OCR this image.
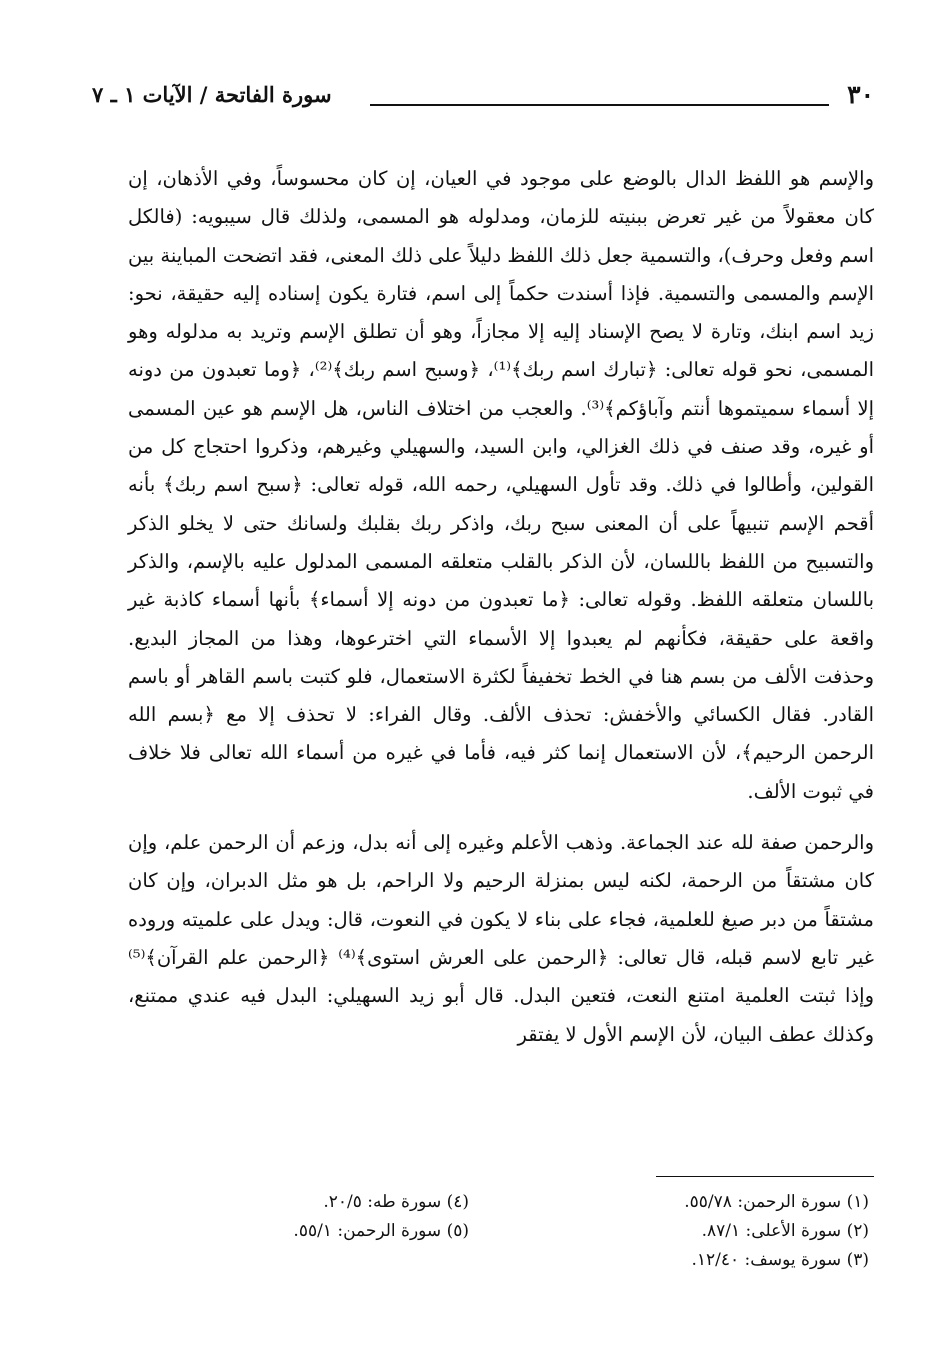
٣٠
سورة الفاتحة / الآيات ١ ـ ٧

والإسم هو اللفظ الدال بالوضع على موجود في العيان، إن كان محسوساً، وفي الأذهان، إن كان معقولاً من غير تعرض ببنيته للزمان، ومدلوله هو المسمى، ولذلك قال سيبويه: (فالكل اسم وفعل وحرف)، والتسمية جعل ذلك اللفظ دليلاً على ذلك المعنى، فقد اتضحت المباينة بين الإسم والمسمى والتسمية. فإذا أسندت حكماً إلى اسم، فتارة يكون إسناده إليه حقيقة، نحو: زيد اسم ابنك، وتارة لا يصح الإسناد إليه إلا مجازاً، وهو أن تطلق الإسم وتريد به مدلوله وهو المسمى، نحو قوله تعالى: ﴿تبارك اسم ربك﴾⁽¹⁾، ﴿وسبح اسم ربك﴾⁽²⁾، ﴿وما تعبدون من دونه إلا أسماء سميتموها أنتم وآباؤكم﴾⁽³⁾. والعجب من اختلاف الناس، هل الإسم هو عين المسمى أو غيره، وقد صنف في ذلك الغزالي، وابن السيد، والسهيلي وغيرهم، وذكروا احتجاج كل من القولين، وأطالوا في ذلك. وقد تأول السهيلي، رحمه الله، قوله تعالى: ﴿سبح اسم ربك﴾ بأنه أقحم الإسم تنبيهاً على أن المعنى سبح ربك، واذكر ربك بقلبك ولسانك حتى لا يخلو الذكر والتسبيح من اللفظ باللسان، لأن الذكر بالقلب متعلقه المسمى المدلول عليه بالإسم، والذكر باللسان متعلقه اللفظ. وقوله تعالى: ﴿ما تعبدون من دونه إلا أسماء﴾ بأنها أسماء كاذبة غير واقعة على حقيقة، فكأنهم لم يعبدوا إلا الأسماء التي اخترعوها، وهذا من المجاز البديع. وحذفت الألف من بسم هنا في الخط تخفيفاً لكثرة الاستعمال، فلو كتبت باسم القاهر أو باسم القادر. فقال الكسائي والأخفش: تحذف الألف. وقال الفراء: لا تحذف إلا مع ﴿بسم الله الرحمن الرحيم﴾، لأن الاستعمال إنما كثر فيه، فأما في غيره من أسماء الله تعالى فلا خلاف في ثبوت الألف.

والرحمن صفة لله عند الجماعة. وذهب الأعلم وغيره إلى أنه بدل، وزعم أن الرحمن علم، وإن كان مشتقاً من الرحمة، لكنه ليس بمنزلة الرحيم ولا الراحم، بل هو مثل الدبران، وإن كان مشتقاً من دبر صيغ للعلمية، فجاء على بناء لا يكون في النعوت، قال: ويدل على علميته وروده غير تابع لاسم قبله، قال تعالى: ﴿الرحمن على العرش استوى﴾⁽⁴⁾ ﴿الرحمن علم القرآن﴾⁽⁵⁾ وإذا ثبتت العلمية امتنع النعت، فتعين البدل. قال أبو زيد السهيلي: البدل فيه عندي ممتنع، وكذلك عطف البيان، لأن الإسم الأول لا يفتقر

(١) سورة الرحمن: ٥٥/٧٨.
(٢) سورة الأعلى: ٨٧/١.
(٣) سورة يوسف: ١٢/٤٠.
(٤) سورة طه: ٢٠/٥.
(٥) سورة الرحمن: ٥٥/١.
